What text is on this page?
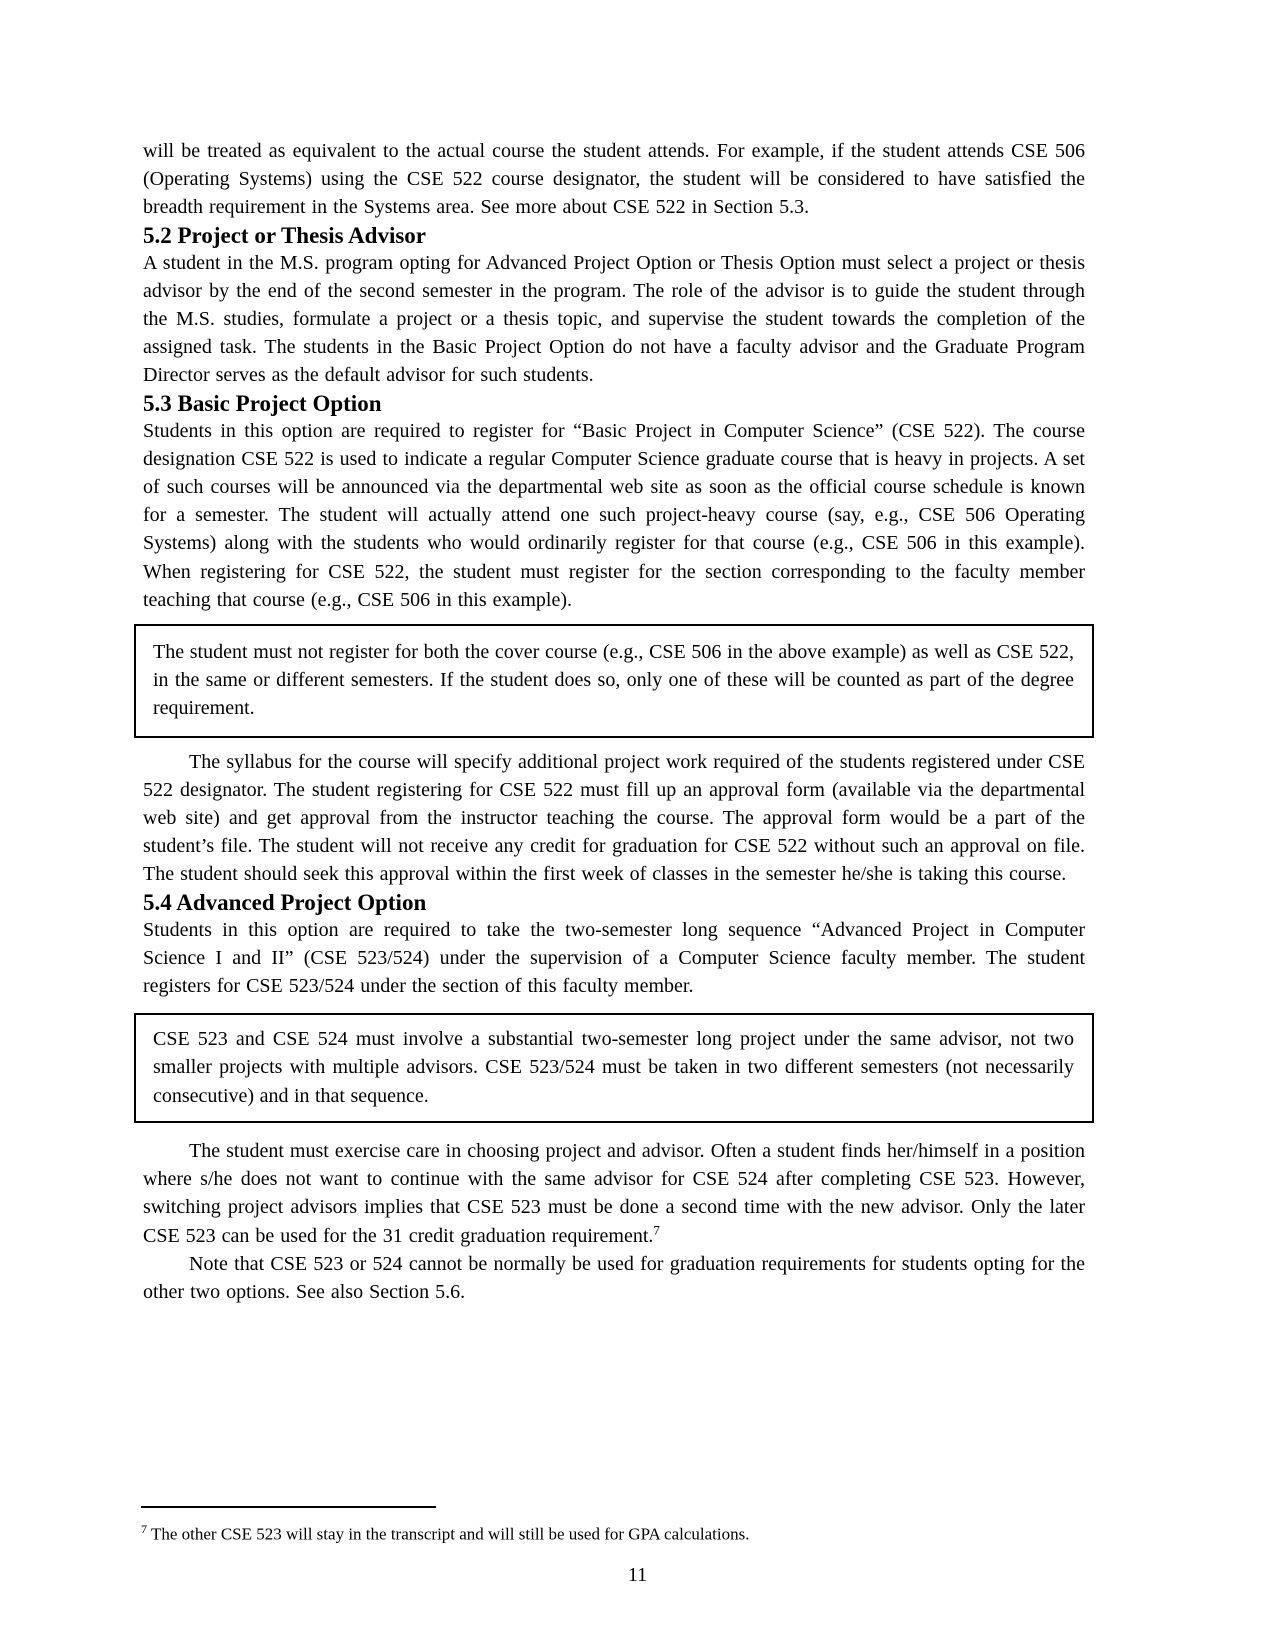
will be treated as equivalent to the actual course the student attends. For example, if the student attends CSE 506 (Operating Systems) using the CSE 522 course designator, the student will be considered to have satisfied the breadth requirement in the Systems area. See more about CSE 522 in Section 5.3.

5.2 Project or Thesis Advisor

A student in the M.S. program opting for Advanced Project Option or Thesis Option must select a project or thesis advisor by the end of the second semester in the program. The role of the advisor is to guide the student through the M.S. studies, formulate a project or a thesis topic, and supervise the student towards the completion of the assigned task. The students in the Basic Project Option do not have a faculty advisor and the Graduate Program Director serves as the default advisor for such students.

5.3 Basic Project Option

Students in this option are required to register for “Basic Project in Computer Science” (CSE 522). The course designation CSE 522 is used to indicate a regular Computer Science graduate course that is heavy in projects. A set of such courses will be announced via the departmental web site as soon as the official course schedule is known for a semester. The student will actually attend one such project-heavy course (say, e.g., CSE 506 Operating Systems) along with the students who would ordinarily register for that course (e.g., CSE 506 in this example). When registering for CSE 522, the student must register for the section corresponding to the faculty member teaching that course (e.g., CSE 506 in this example).

The student must not register for both the cover course (e.g., CSE 506 in the above example) as well as CSE 522, in the same or different semesters. If the student does so, only one of these will be counted as part of the degree requirement.

The syllabus for the course will specify additional project work required of the students registered under CSE 522 designator. The student registering for CSE 522 must fill up an approval form (available via the departmental web site) and get approval from the instructor teaching the course. The approval form would be a part of the student’s file. The student will not receive any credit for graduation for CSE 522 without such an approval on file. The student should seek this approval within the first week of classes in the semester he/she is taking this course.

5.4 Advanced Project Option

Students in this option are required to take the two-semester long sequence “Advanced Project in Computer Science I and II” (CSE 523/524) under the supervision of a Computer Science faculty member. The student registers for CSE 523/524 under the section of this faculty member.

CSE 523 and CSE 524 must involve a substantial two-semester long project under the same advisor, not two smaller projects with multiple advisors. CSE 523/524 must be taken in two different semesters (not necessarily consecutive) and in that sequence.

The student must exercise care in choosing project and advisor. Often a student finds her/himself in a position where s/he does not want to continue with the same advisor for CSE 524 after completing CSE 523. However, switching project advisors implies that CSE 523 must be done a second time with the new advisor. Only the later CSE 523 can be used for the 31 credit graduation requirement.$^7$

Note that CSE 523 or 524 cannot be normally be used for graduation requirements for students opting for the other two options. See also Section 5.6.

$^7$ The other CSE 523 will stay in the transcript and will still be used for GPA calculations.

11
